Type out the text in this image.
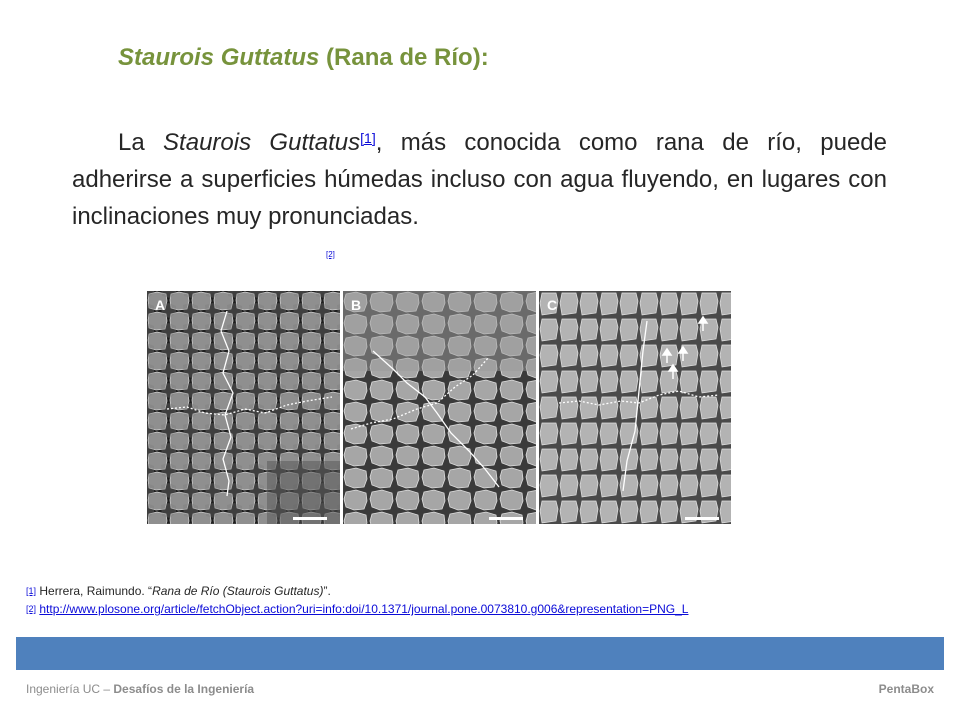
Staurois Guttatus (Rana de Río):
La Staurois Guttatus[1], más conocida como rana de río, puede adherirse a superficies húmedas incluso con agua fluyendo, en lugares con inclinaciones muy pronunciadas.
[2]
A	B	C
[1] Herrera, Raimundo. “Rana de Río (Staurois Guttatus)”.
[2] http://www.plosone.org/article/fetchObject.action?uri=info:doi/10.1371/journal.pone.0073810.g006&representation=PNG_L
Ingeniería UC – Desafíos de la Ingeniería	PentaBox
